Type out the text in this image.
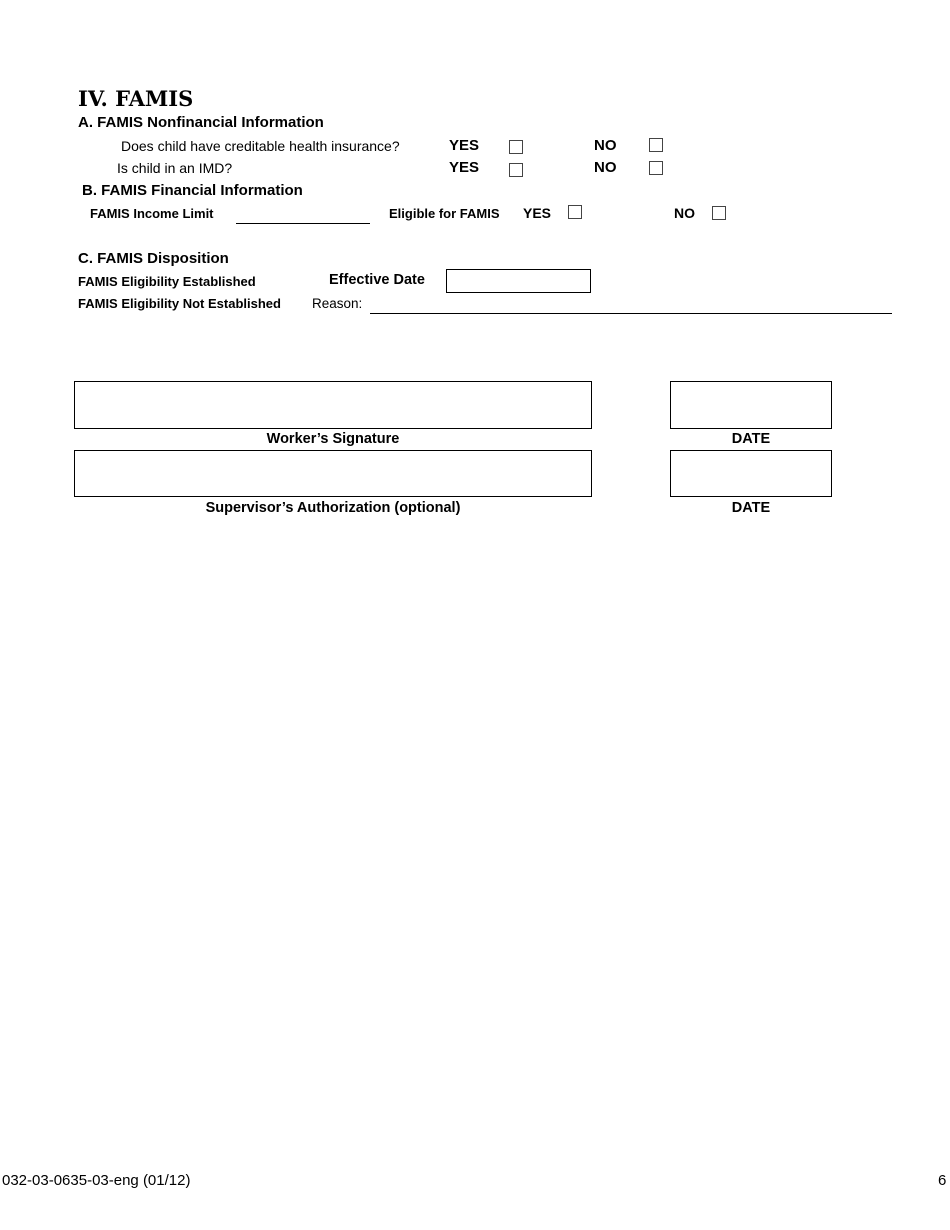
IV. FAMIS
A. FAMIS Nonfinancial Information
Does child have creditable health insurance?	YES	NO
Is child in an IMD?	YES	NO
B. FAMIS Financial Information
FAMIS Income Limit	Eligible for FAMIS YES	NO
C. FAMIS Disposition
FAMIS Eligibility Established	Effective Date
FAMIS Eligibility Not Established Reason:
Worker’s Signature	DATE
Supervisor’s Authorization (optional)	DATE
032-03-0635-03-eng (01/12)	6
